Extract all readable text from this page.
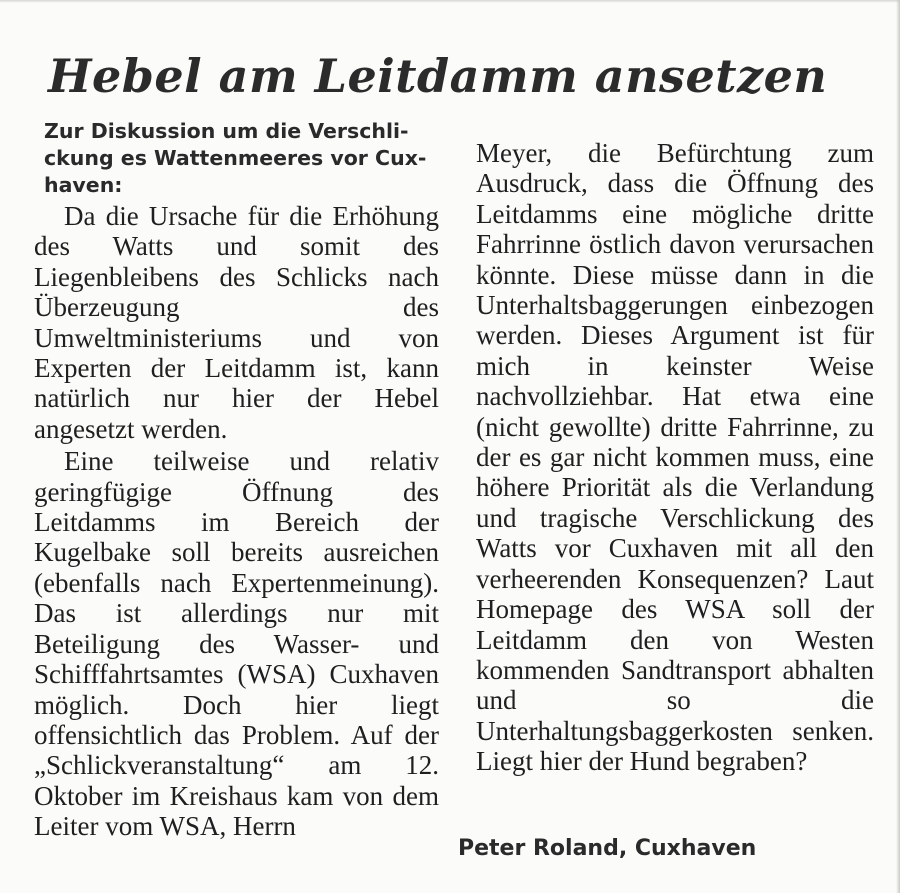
Hebel am Leitdamm ansetzen

Zur Diskussion um die Verschli-ckung es Wattenmeeres vor Cux-haven:

Da die Ursache für die Erhöhung des Watts und somit des Liegenbleibens des Schlicks nach Überzeugung des Umweltministeriums und von Experten der Leitdamm ist, kann natürlich nur hier der Hebel angesetzt werden.

Eine teilweise und relativ geringfügige Öffnung des Leitdamms im Bereich der Kugelbake soll bereits ausreichen (ebenfalls nach Expertenmeinung). Das ist allerdings nur mit Beteiligung des Wasser- und Schifffahrtsamtes (WSA) Cuxhaven möglich. Doch hier liegt offensichtlich das Problem. Auf der „Schlickveranstaltung“ am 12. Oktober im Kreishaus kam von dem Leiter vom WSA, Herrn

Meyer, die Befürchtung zum Ausdruck, dass die Öffnung des Leitdamms eine mögliche dritte Fahrrinne östlich davon verursachen könnte. Diese müsse dann in die Unterhaltsbaggerungen einbezogen werden. Dieses Argument ist für mich in keinster Weise nachvollziehbar. Hat etwa eine (nicht gewollte) dritte Fahrrinne, zu der es gar nicht kommen muss, eine höhere Priorität als die Verlandung und tragische Verschlickung des Watts vor Cuxhaven mit all den verheerenden Konsequenzen? Laut Homepage des WSA soll der Leitdamm den von Westen kommenden Sandtransport abhalten und so die Unterhaltungsbaggerkosten senken. Liegt hier der Hund begraben?

Peter Roland, Cuxhaven
